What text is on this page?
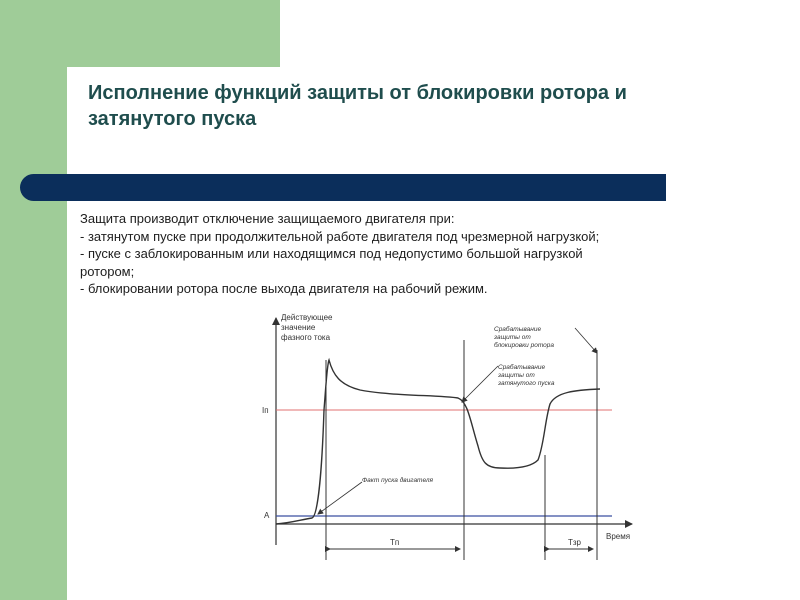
Исполнение функций защиты от блокировки ротора и
затянутого пуска
Защита производит отключение защищаемого двигателя при:
- затянутом пуске при продолжительной работе двигателя под чрезмерной нагрузкой;
- пуске с заблокированным или находящимся под недопустимо большой нагрузкой
ротором;
- блокировании ротора после выхода двигателя на рабочий режим.
Действующее значение фазного тока
Время
Iп
A
Tп	Tзр
Срабатывание защиты от блокировки ротора
Срабатывание защиты от затянутого пуска
Факт пуска двигателя
